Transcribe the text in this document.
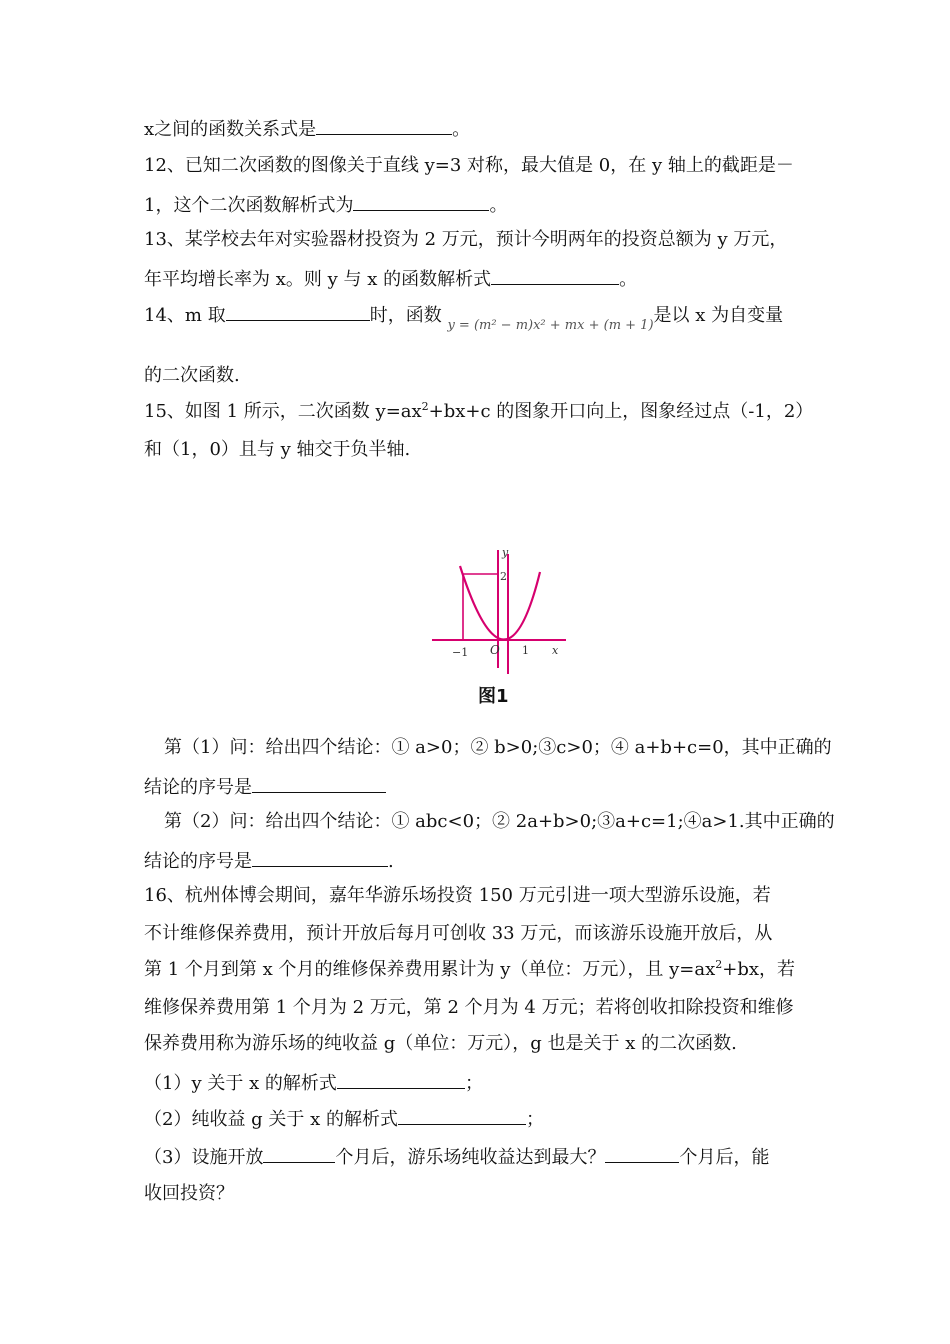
x之间的函数关系式是	。
12、已知二次函数的图像关于直线 y=3 对称，最大值是 0，在 y 轴上的截距是－
1，这个二次函数解析式为	。
13、某学校去年对实验器材投资为 2 万元，预计今明两年的投资总额为 y 万元，
年平均增长率为 x。则 y 与 x 的函数解析式	。
14、m 取	时，函数 $_{y = (m^2 - m)x^2 + mx + (m + 1)}$是以 x 为自变量
的二次函数.
15、如图 1 所示，二次函数 $y=ax^2+bx+c$ 的图象开口向上，图象经过点（-1，2）
和（1，0）且与 y 轴交于负半轴.
y
2
−1 O 1 x
图1
第（1）问：给出四个结论：① a>0；② b>0;③c>0；④ a+b+c=0，其中正确的
结论的序号是
第（2）问：给出四个结论：① abc<0；② 2a+b>0;③a+c=1;④a>1.其中正确的
结论的序号是	.
16、杭州体博会期间，嘉年华游乐场投资 150 万元引进一项大型游乐设施，若
不计维修保养费用，预计开放后每月可创收 33 万元，而该游乐设施开放后，从
第 1 个月到第 x 个月的维修保养费用累计为 y（单位：万元），且 $y=ax^2+bx$，若
维修保养费用第 1 个月为 2 万元，第 2 个月为 4 万元；若将创收扣除投资和维修
保养费用称为游乐场的纯收益 g（单位：万元），g 也是关于 x 的二次函数.
（1）y 关于 x 的解析式	；
（2）纯收益 g 关于 x 的解析式	；
（3）设施开放	个月后，游乐场纯收益达到最大？	个月后，能
收回投资？
